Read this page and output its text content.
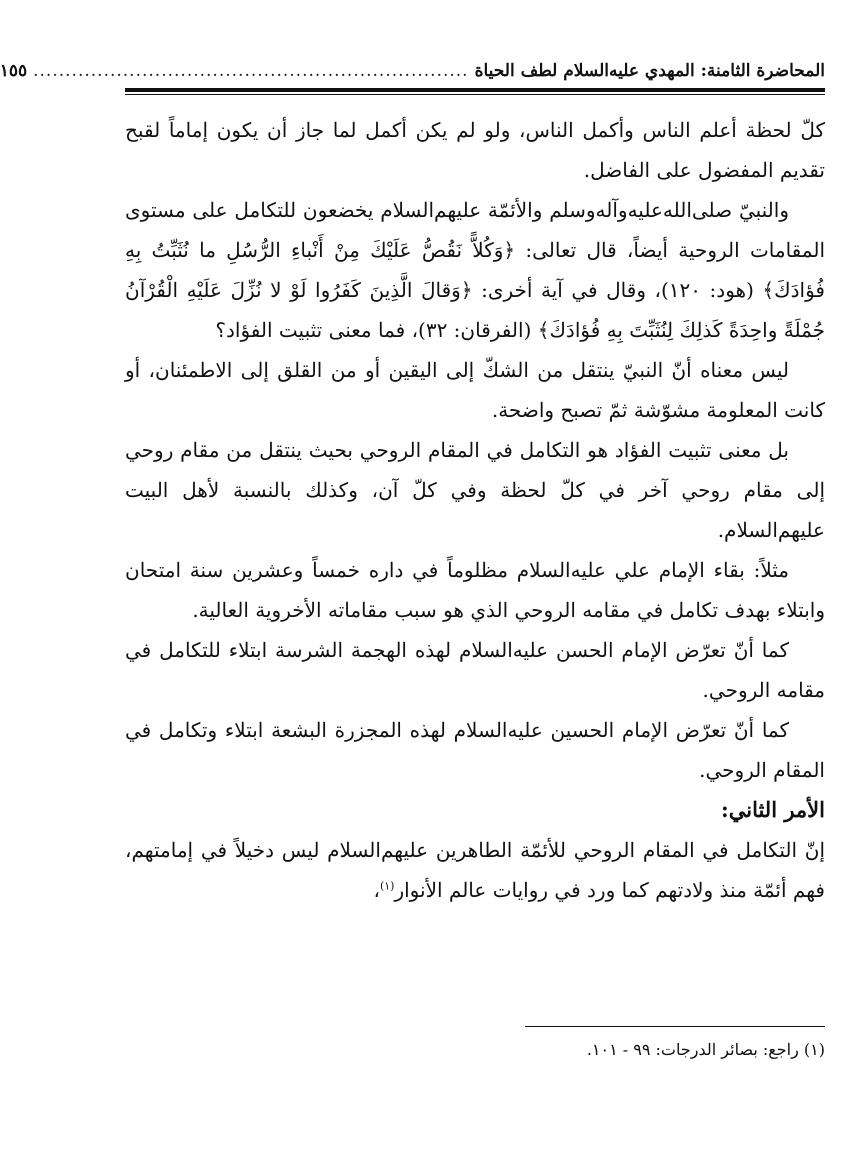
المحاضرة الثامنة: المهدي عليه‌السلام لطف الحياة
....................................................................
١٥٥

كلّ لحظة أعلم الناس وأكمل الناس، ولو لم يكن أكمل لما جاز أن يكون إماماً لقبح تقديم المفضول على الفاضل.

والنبيّ صلى‌الله‌عليه‌وآله‌وسلم والأئمّة عليهم‌السلام يخضعون للتكامل على مستوى المقامات الروحية أيضاً، قال تعالى: ﴿وَكُلاًّ نَقُصُّ عَلَيْكَ مِنْ أَنْباءِ الرُّسُلِ ما نُثَبِّتُ بِهِ فُؤادَكَ﴾ (هود: ١٢٠)، وقال في آية أخرى: ﴿وَقالَ الَّذِينَ كَفَرُوا لَوْ لا نُزِّلَ عَلَيْهِ الْقُرْآنُ جُمْلَةً واحِدَةً كَذلِكَ لِنُثَبِّتَ بِهِ فُؤادَكَ﴾ (الفرقان: ٣٢)، فما معنى تثبيت الفؤاد؟

ليس معناه أنّ النبيّ ينتقل من الشكّ إلى اليقين أو من القلق إلى الاطمئنان، أو كانت المعلومة مشوّشة ثمّ تصبح واضحة.

بل معنى تثبيت الفؤاد هو التكامل في المقام الروحي بحيث ينتقل من مقام روحي إلى مقام روحي آخر في كلّ لحظة وفي كلّ آن، وكذلك بالنسبة لأهل البيت عليهم‌السلام.

مثلاً: بقاء الإمام علي عليه‌السلام مظلوماً في داره خمساً وعشرين سنة امتحان وابتلاء بهدف تكامل في مقامه الروحي الذي هو سبب مقاماته الأخروية العالية.

كما أنّ تعرّض الإمام الحسن عليه‌السلام لهذه الهجمة الشرسة ابتلاء للتكامل في مقامه الروحي.

كما أنّ تعرّض الإمام الحسين عليه‌السلام لهذه المجزرة البشعة ابتلاء وتكامل في المقام الروحي.

الأمر الثاني:

إنّ التكامل في المقام الروحي للأئمّة الطاهرين عليهم‌السلام ليس دخيلاً في إمامتهم، فهم أئمّة منذ ولادتهم كما ورد في روايات عالم الأنوار$^{(١)}$،

(١) راجع: بصائر الدرجات: ٩٩ - ١٠١.
